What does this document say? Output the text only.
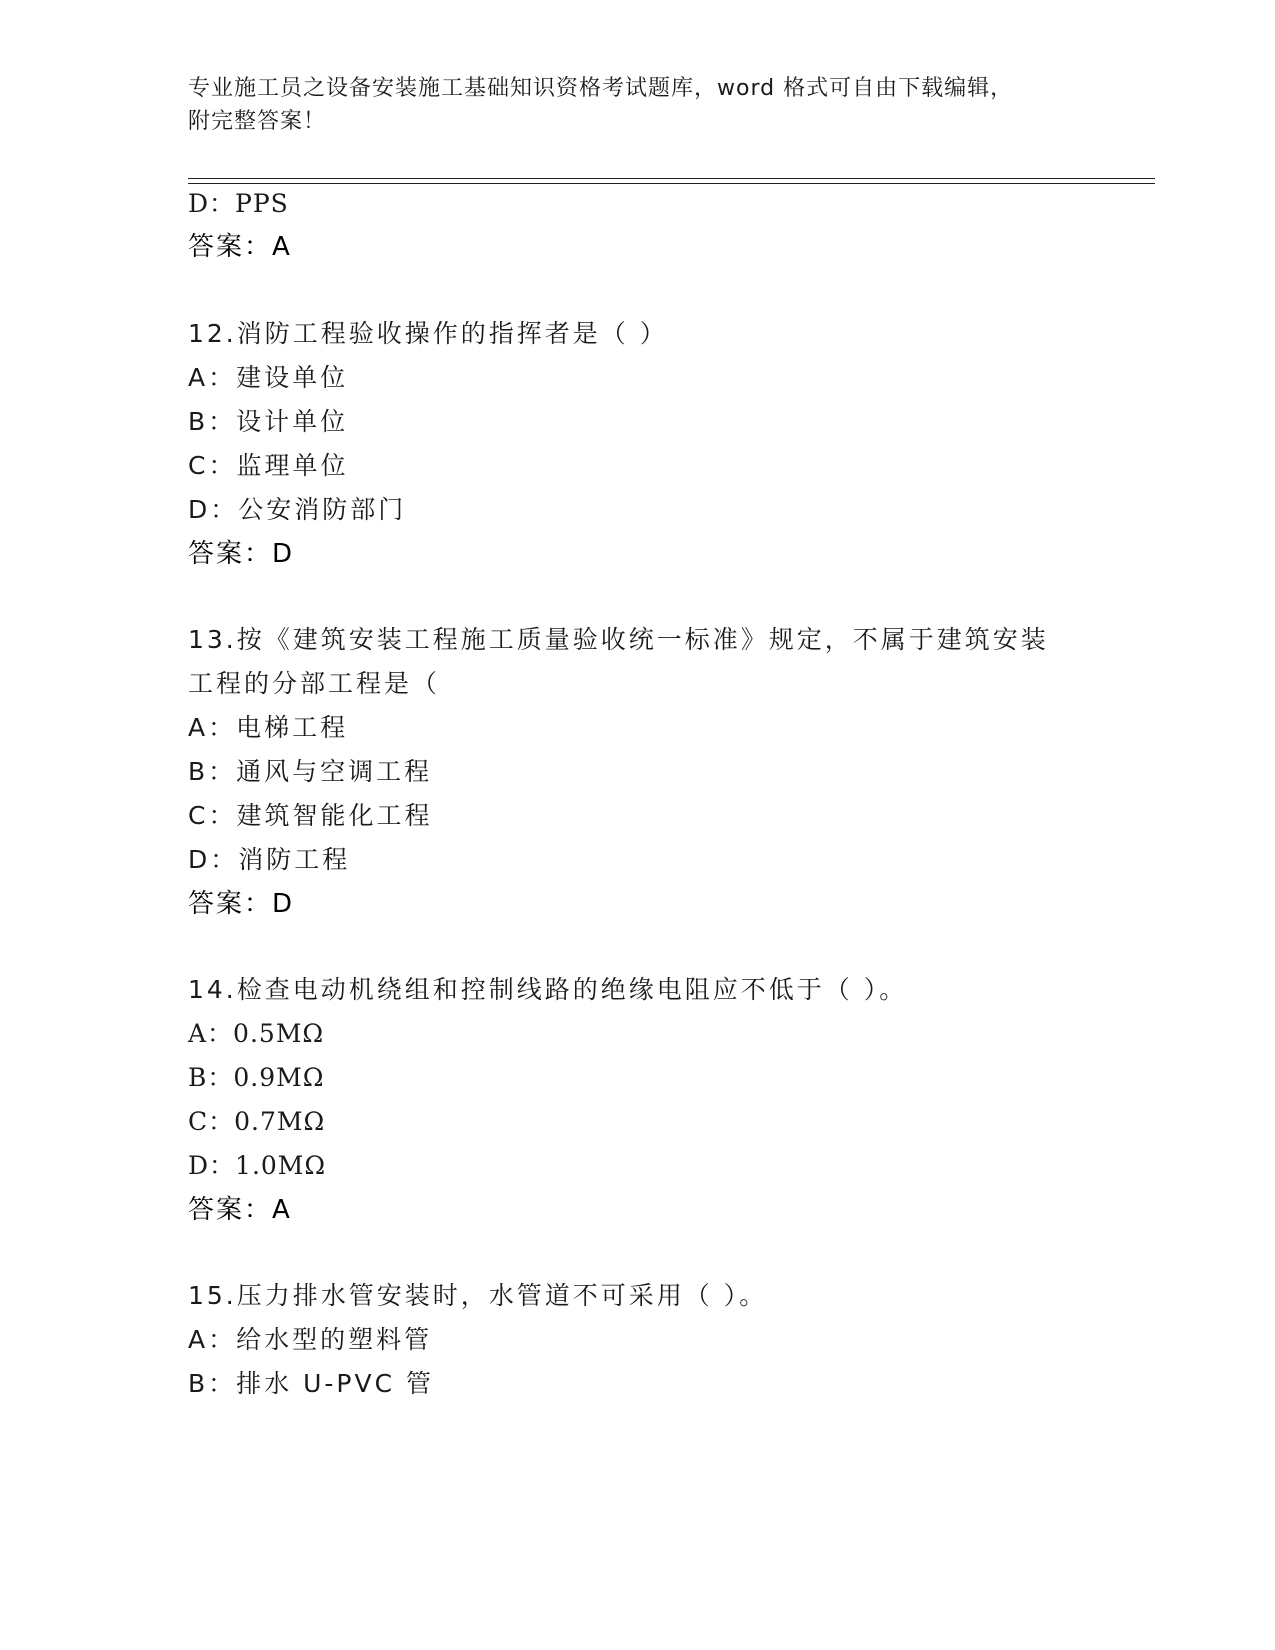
专业施工员之设备安装施工基础知识资格考试题库，word 格式可自由下载编辑，
附完整答案！
D：PPS
答案：A
12.消防工程验收操作的指挥者是（ ）
A：建设单位
B：设计单位
C：监理单位
D：公安消防部门
答案：D
13.按《建筑安装工程施工质量验收统一标准》规定，不属于建筑安装
工程的分部工程是（
A：电梯工程
B：通风与空调工程
C：建筑智能化工程
D：消防工程
答案：D
14.检查电动机绕组和控制线路的绝缘电阻应不低于（ ）。
A：0.5MΩ
B：0.9MΩ
C：0.7MΩ
D：1.0MΩ
答案：A
15.压力排水管安装时，水管道不可采用（ ）。
A：给水型的塑料管
B：排水 U-PVC 管
